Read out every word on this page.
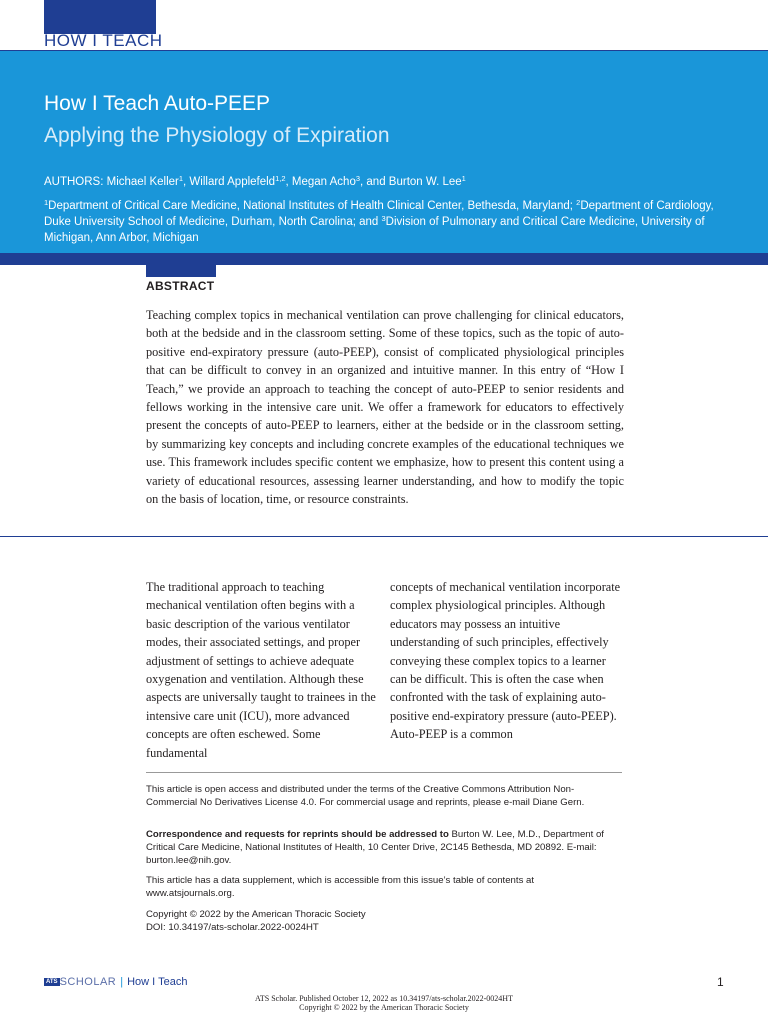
HOW I TEACH
How I Teach Auto-PEEP
Applying the Physiology of Expiration
AUTHORS: Michael Keller$^1$, Willard Applefeld$^{1,2}$, Megan Acho$^3$, and Burton W. Lee$^1$
$^1$Department of Critical Care Medicine, National Institutes of Health Clinical Center, Bethesda, Maryland; $^2$Department of Cardiology, Duke University School of Medicine, Durham, North Carolina; and $^3$Division of Pulmonary and Critical Care Medicine, University of Michigan, Ann Arbor, Michigan
ABSTRACT
Teaching complex topics in mechanical ventilation can prove challenging for clinical educators, both at the bedside and in the classroom setting. Some of these topics, such as the topic of auto-positive end-expiratory pressure (auto-PEEP), consist of complicated physiological principles that can be difficult to convey in an organized and intuitive manner. In this entry of “How I Teach,” we provide an approach to teaching the concept of auto-PEEP to senior residents and fellows working in the intensive care unit. We offer a framework for educators to effectively present the concepts of auto-PEEP to learners, either at the bedside or in the classroom setting, by summarizing key concepts and including concrete examples of the educational techniques we use. This framework includes specific content we emphasize, how to present this content using a variety of educational resources, assessing learner understanding, and how to modify the topic on the basis of location, time, or resource constraints.
The traditional approach to teaching mechanical ventilation often begins with a basic description of the various ventilator modes, their associated settings, and proper adjustment of settings to achieve adequate oxygenation and ventilation. Although these aspects are universally taught to trainees in the intensive care unit (ICU), more advanced concepts are often eschewed. Some fundamental
concepts of mechanical ventilation incorporate complex physiological principles. Although educators may possess an intuitive understanding of such principles, effectively conveying these complex topics to a learner can be difficult. This is often the case when confronted with the task of explaining auto-positive end-expiratory pressure (auto-PEEP). Auto-PEEP is a common
This article is open access and distributed under the terms of the Creative Commons Attribution Non-Commercial No Derivatives License 4.0. For commercial usage and reprints, please e-mail Diane Gern.
Correspondence and requests for reprints should be addressed to Burton W. Lee, M.D., Department of Critical Care Medicine, National Institutes of Health, 10 Center Drive, 2C145 Bethesda, MD 20892. E-mail: burton.lee@nih.gov.
This article has a data supplement, which is accessible from this issue’s table of contents at www.atsjournals.org.
Copyright © 2022 by the American Thoracic Society
DOI: 10.34197/ats-scholar.2022-0024HT
ATS SCHOLAR | How I Teach	1
ATS Scholar. Published October 12, 2022 as 10.34197/ats-scholar.2022-0024HT
Copyright © 2022 by the American Thoracic Society
